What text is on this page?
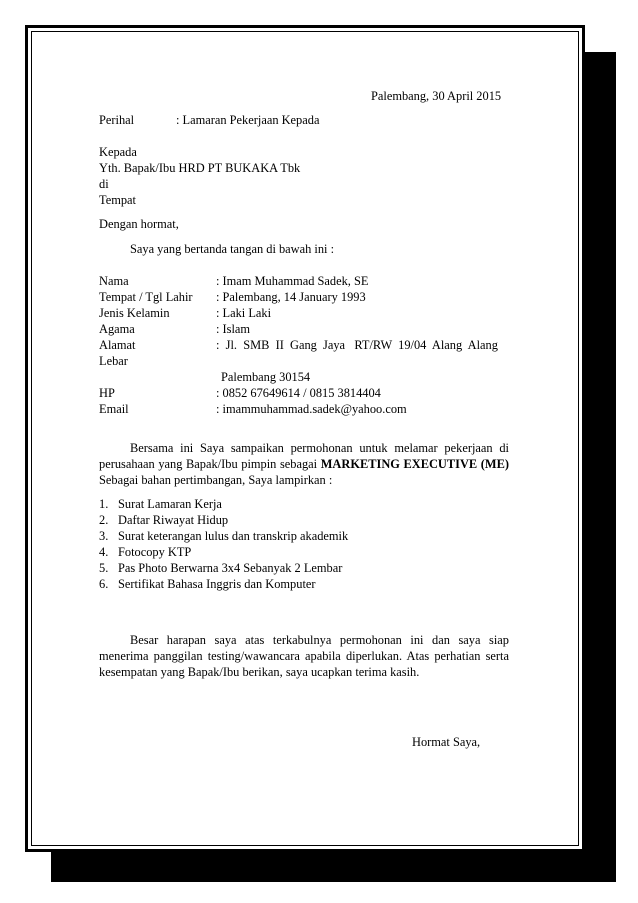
Palembang, 30 April 2015
Perihal	: Lamaran Pekerjaan Kepada
Kepada
Yth. Bapak/Ibu HRD PT BUKAKA Tbk
di
Tempat
Dengan hormat,
Saya yang bertanda tangan di bawah ini :
Nama	: Imam Muhammad Sadek, SE
Tempat / Tgl Lahir : Palembang, 14 January 1993
Jenis Kelamin	: Laki Laki
Agama	: Islam
Alamat	:  Jl.  SMB  II  Gang  Jaya   RT/RW  19/04  Alang  Alang
Lebar
Palembang 30154
HP	: 0852 67649614 / 0815 3814404
Email	: imammuhammad.sadek@yahoo.com
Bersama ini Saya sampaikan permohonan untuk melamar pekerjaan di perusahaan yang Bapak/Ibu pimpin sebagai MARKETING EXECUTIVE (ME) Sebagai bahan pertimbangan, Saya lampirkan :
1. Surat Lamaran Kerja
2. Daftar Riwayat Hidup
3. Surat keterangan lulus dan transkrip akademik
4. Fotocopy KTP
5. Pas Photo Berwarna 3x4 Sebanyak 2 Lembar
6. Sertifikat Bahasa Inggris dan Komputer
Besar harapan saya atas terkabulnya permohonan ini dan saya siap menerima panggilan testing/wawancara apabila diperlukan. Atas perhatian serta kesempatan yang Bapak/Ibu berikan, saya ucapkan terima kasih.
Hormat Saya,
